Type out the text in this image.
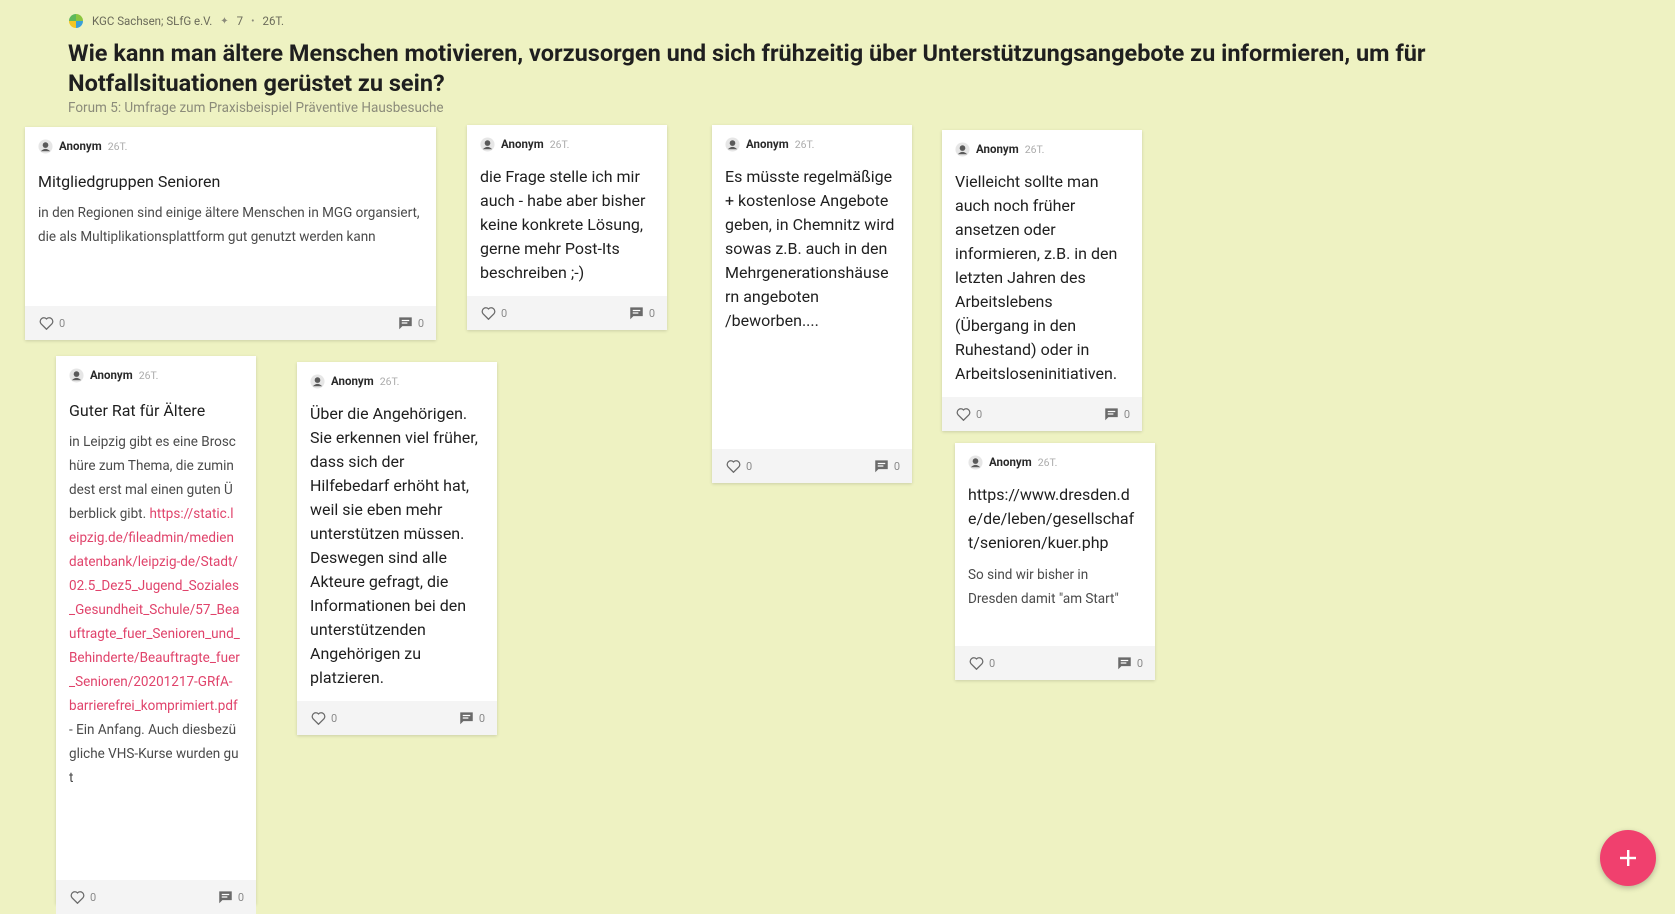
KGC Sachsen; SLfG e.V. ✦ 7 • 26T.
Wie kann man ältere Menschen motivieren, vorzusorgen und sich frühzeitig über Unterstützungsangebote zu informieren, um für Notfallsituationen gerüstet zu sein?
Forum 5: Umfrage zum Praxisbeispiel Präventive Hausbesuche
Anonym 26T.
Mitgliedgruppen Senioren
in den Regionen sind einige ältere Menschen in MGG organsiert, die als Multiplikationsplattform gut genutzt werden kann
0	0
Anonym 26T.
die Frage stelle ich mir auch - habe aber bisher keine konkrete Lösung, gerne mehr Post-Its beschreiben ;-)
0	0
Anonym 26T.
Es müsste regelmäßige + kostenlose Angebote geben, in Chemnitz wird sowas z.B. auch in den Mehrgenerationshäuse rn angeboten /beworben....
0	0
Anonym 26T.
Vielleicht sollte man auch noch früher ansetzen oder informieren, z.B. in den letzten Jahren des Arbeitslebens (Übergang in den Ruhestand) oder in Arbeitsloseninitiativen.
0	0
Anonym 26T.
Guter Rat für Ältere
in Leipzig gibt es eine Broschüre zum Thema, die zumindest erst mal einen guten Überblick gibt. https://static.leipzig.de/fileadmin/mediendatenbank/leipzig-de/Stadt/02.5_Dez5_Jugend_Soziales_Gesundheit_Schule/57_Beauftragte_fuer_Senioren_und_Behinderte/Beauftragte_fuer_Senioren/20201217-GRfA-barrierefrei_komprimiert.pdf - Ein Anfang. Auch diesbezügliche VHS-Kurse wurden gut
0	0
Anonym 26T.
Über die Angehörigen. Sie erkennen viel früher, dass sich der Hilfebedarf erhöht hat, weil sie eben mehr unterstützen müssen. Deswegen sind alle Akteure gefragt, die Informationen bei den unterstützenden Angehörigen zu platzieren.
0	0
Anonym 26T.
https://www.dresden.de/de/leben/gesellschaft/senioren/kuer.php
So sind wir bisher in Dresden damit "am Start"
0	0
